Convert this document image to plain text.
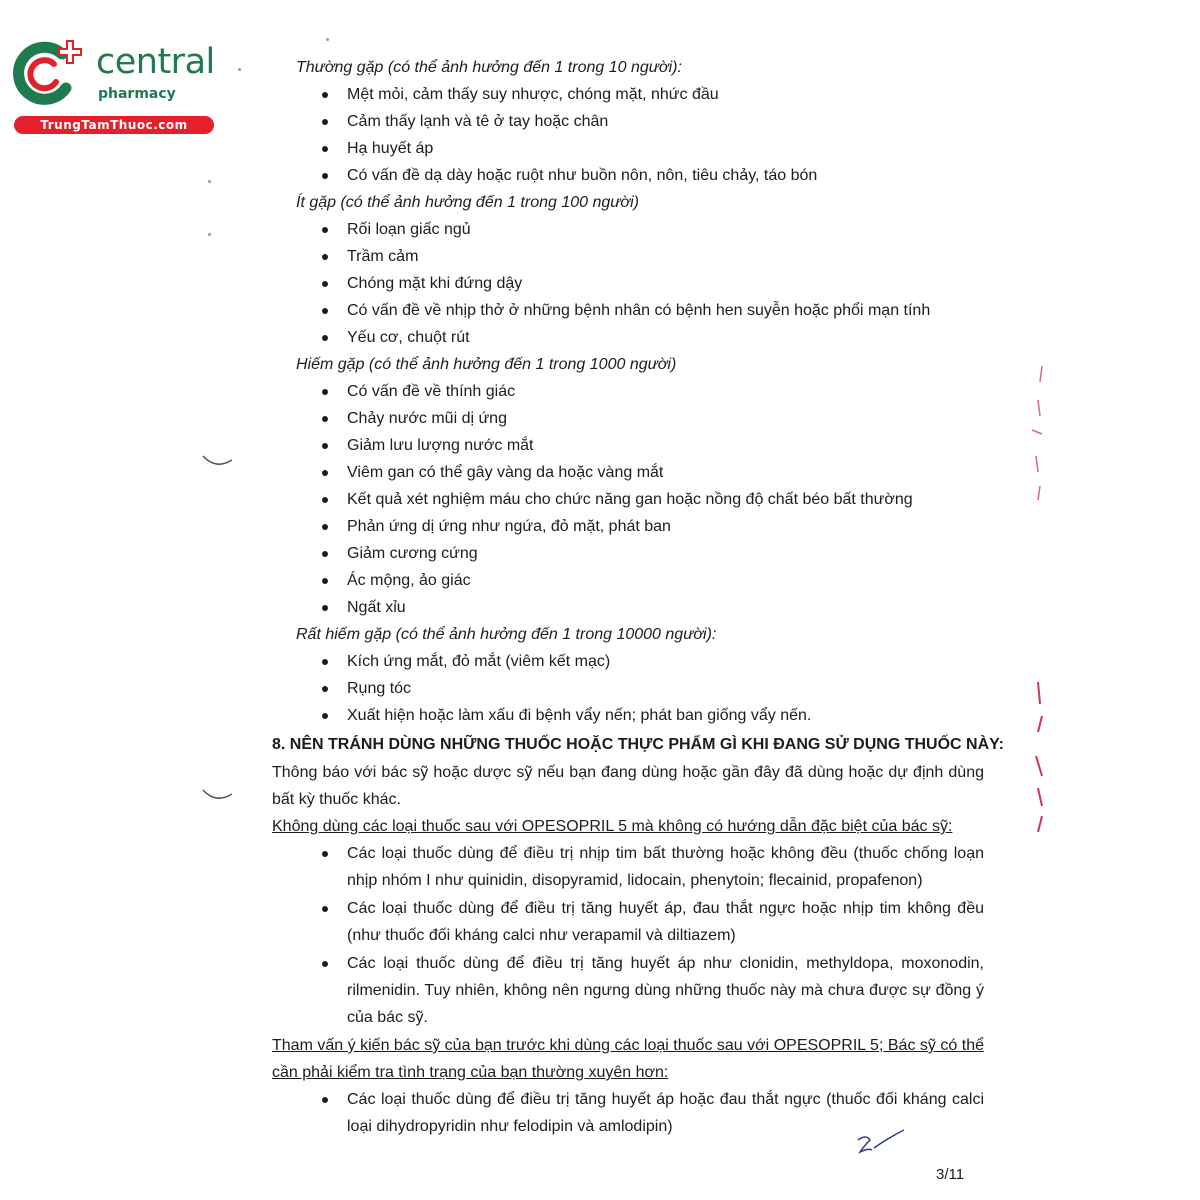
central
pharmacy
TrungTamThuoc.com
Thường gặp (có thể ảnh hưởng đến 1 trong 10 người):
Mệt mỏi, cảm thấy suy nhược, chóng mặt, nhức đầu
Cảm thấy lạnh và tê ở tay hoặc chân
Hạ huyết áp
Có vấn đề dạ dày hoặc ruột như buồn nôn, nôn, tiêu chảy, táo bón
Ít gặp (có thể ảnh hưởng đến 1 trong 100 người)
Rối loạn giấc ngủ
Trầm cảm
Chóng mặt khi đứng dậy
Có vấn đề về nhịp thở ở những bệnh nhân có bệnh hen suyễn hoặc phổi mạn tính
Yếu cơ, chuột rút
Hiếm gặp (có thể ảnh hưởng đến 1 trong 1000 người)
Có vấn đề về thính giác
Chảy nước mũi dị ứng
Giảm lưu lượng nước mắt
Viêm gan có thể gây vàng da hoặc vàng mắt
Kết quả xét nghiệm máu cho chức năng gan hoặc nồng độ chất béo bất thường
Phản ứng dị ứng như ngứa, đỏ mặt, phát ban
Giảm cương cứng
Ác mộng, ảo giác
Ngất xỉu
Rất hiếm gặp (có thể ảnh hưởng đến 1 trong 10000 người):
Kích ứng mắt, đỏ mắt (viêm kết mạc)
Rụng tóc
Xuất hiện hoặc làm xấu đi bệnh vẩy nến; phát ban giống vẩy nến.
8. NÊN TRÁNH DÙNG NHỮNG THUỐC HOẶC THỰC PHẨM GÌ KHI ĐANG SỬ DỤNG THUỐC NÀY:
Thông báo với bác sỹ hoặc dược sỹ nếu bạn đang dùng hoặc gần đây đã dùng hoặc dự định dùng bất kỳ thuốc khác.
Không dùng các loại thuốc sau với OPESOPRIL 5 mà không có hướng dẫn đặc biệt của bác sỹ:
Các loại thuốc dùng để điều trị nhịp tim bất thường hoặc không đều (thuốc chống loạn nhịp nhóm I như quinidin, disopyramid, lidocain, phenytoin; flecainid, propafenon)
Các loại thuốc dùng để điều trị tăng huyết áp, đau thắt ngực hoặc nhịp tim không đều (như thuốc đối kháng calci như verapamil và diltiazem)
Các loại thuốc dùng để điều trị tăng huyết áp như clonidin, methyldopa, moxonodin, rilmenidin. Tuy nhiên, không nên ngưng dùng những thuốc này mà chưa được sự đồng ý của bác sỹ.
Tham vấn ý kiến bác sỹ của bạn trước khi dùng các loại thuốc sau với OPESOPRIL 5; Bác sỹ có thể cần phải kiểm tra tình trạng của bạn thường xuyên hơn:
Các loại thuốc dùng để điều trị tăng huyết áp hoặc đau thắt ngực (thuốc đối kháng calci loại dihydropyridin như felodipin và amlodipin)
3/11
